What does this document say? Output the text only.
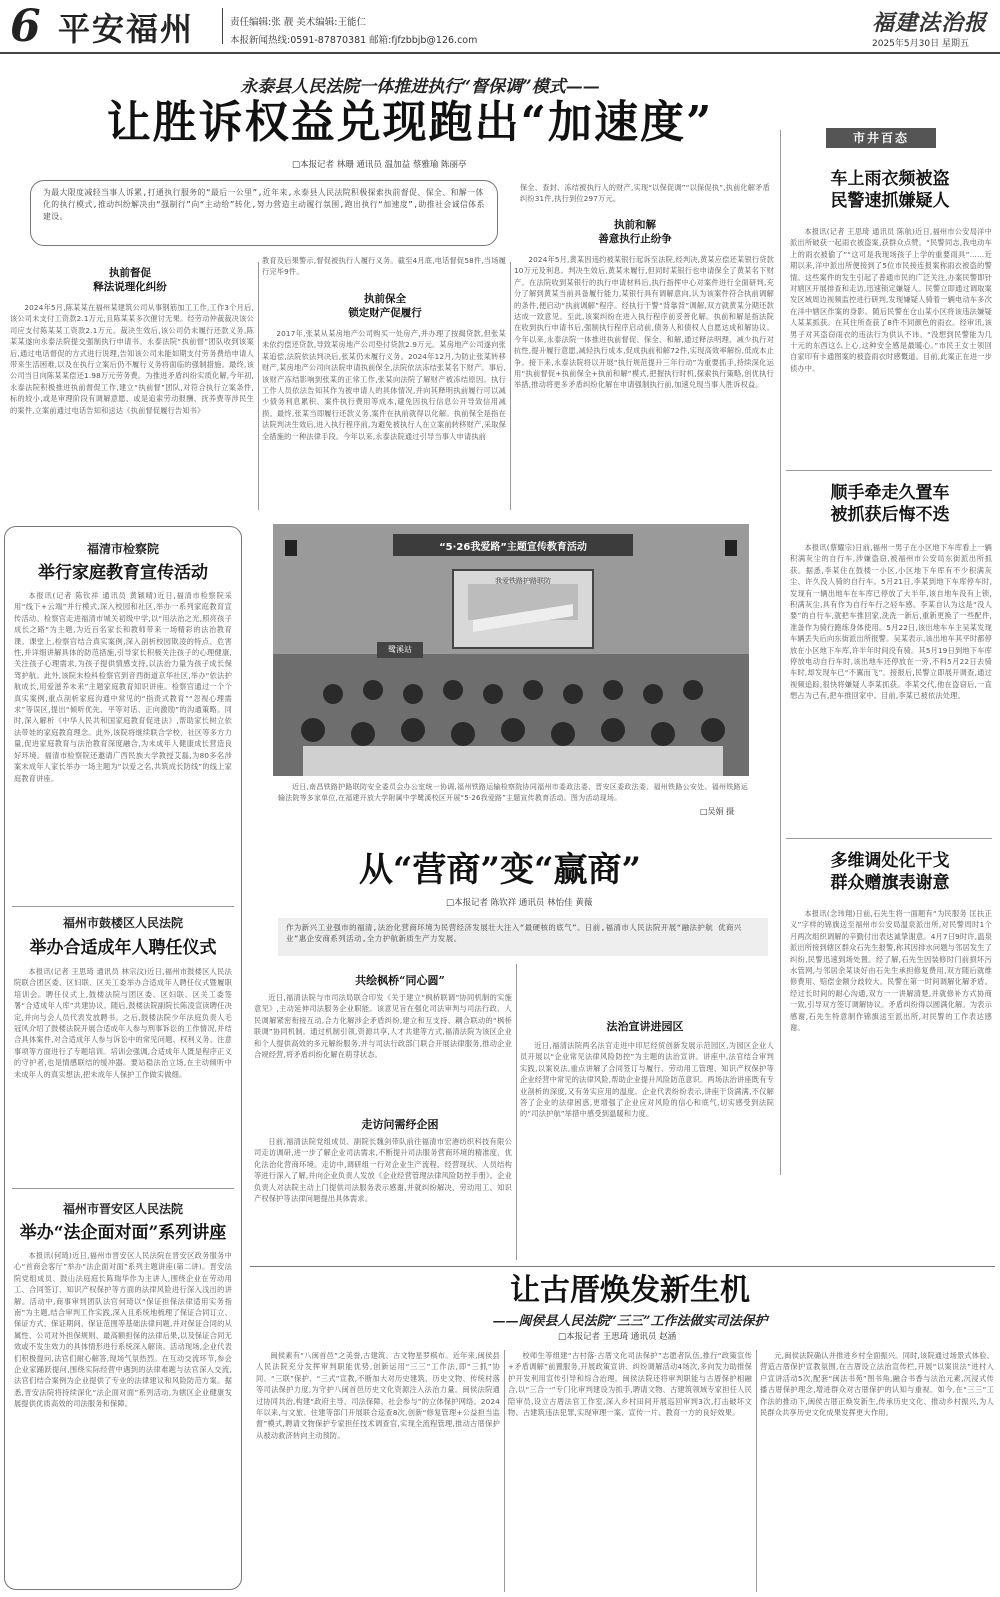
6 平安福州	责任编辑:张 靓 美术编辑:王能仁
本报新闻热线:0591-87870381 邮箱:fjfzbbjb@126.com
福建法治报
2025年5月30日 星期五
永泰县人民法院一体推进执行“督保调”模式——
让胜诉权益兑现跑出“加速度”
□本报记者 林珊 通讯员 温加益 蔡雅瑜 陈丽亭
为最大限度减轻当事人诉累,打通执行服务的“最后一公里”,近年来,永泰县人民法院积极探索执前督促、保全、和解一体化的执行模式,推动纠纷解决由“强制行”向“主动给”转化,努力营造主动履行氛围,跑出执行“加速度”,助推社会诚信体系建设。
保全、查封、冻结被执行人的财产,实现“以保促调”“以保促执”,执前化解矛盾纠纷31件,执行到位297万元。
执前督促
释法说理化纠纷
2024年5月,陈某某在福州某建筑公司从事钢筋加工工作,工作3个月后,该公司未支付工资款2.1万元,且陈某某多次催讨无果。经劳动仲裁裁决该公司应支付陈某某工资款2.1万元。裁决生效后,该公司仍未履行还款义务,陈某某遂向永泰法院提交强制执行申请书。永泰法院“执前督”团队收到该案后,通过电话督促的方式进行说理,告知该公司未能如期支付劳务费给申请人带来生活困难,以及在执行立案后仍不履行义务将面临的强制措施。最终,该公司当日向陈某某偿还1.98万元劳务费。为推进矛盾纠纷实质化解,今年初,永泰法院积极推进执前督促工作,建立“执前督”团队,对符合执行立案条件,标的较小,或是审理阶段有调解意愿、或是追索劳动报酬、抚养费等涉民生的案件,立案前通过电话告知和送达《执前督促履行告知书》
教育及后果警示,督促被执行人履行义务。截至4月底,电话督促58件,当场履行完毕9件。
执前保全
锁定财产促履行
2017年,张某从某房地产公司购买一处房产,并办理了按揭贷款,但张某未依约偿还贷款,导致某房地产公司垫付贷款2.9万元。某房地产公司遂向张某追偿,法院依法判决后,张某仍未履行义务。2024年12月,为防止张某转移财产,某房地产公司向法院申请执前保全,法院依法冻结张某名下财产。事后,该财产冻结影响到张某的正常工作,张某向法院了解财产被冻结原因。执行工作人员依法告知其作为被申请人的具体情况,并向其释明执前履行可以减少债务利息累积、案件执行费用等成本,避免因执行信息公开导致信用减损。最终,张某当即履行还款义务,案件在执前就得以化解。执前保全是指在法院判决生效后,进入执行程序前,为避免被执行人在立案前转移财产,采取保全措施的一种法律手段。今年以来,永泰法院通过引导当事人申请执前
执前和解
善意执行止纷争
2024年5月,黄某因违约被某银行起诉至法院,经判决,黄某应偿还某银行贷款10万元及利息。判决生效后,黄某未履行,但同时某银行也申请保全了黄某名下财产。在法院收到某银行的执行申请材料后,执行指挥中心对案件进行全面研判,充分了解到黄某当前具备履行能力,某银行具有调解意向,认为该案件符合执前调解的条件,便启动“执前调解”程序。经执行干警“背靠背”调解,双方就黄某分期还款达成一致意见。至此,该案纠纷在进入执行程序前妥善化解。执前和解是指法院在收到执行申请书后,强制执行程序启动前,债务人和债权人自愿达成和解协议。今年以来,永泰法院一体推进执前督促、保全、和解,通过释法明理、减少执行对抗性,提升履行意愿,减轻执行成本,促成执前和解72件,实现高效率解纷,低成本止争。接下来,永泰法院将以开展“执行规范提升三年行动”为重要抓手,持续深化运用“执前督促+执前保全+执前和解”模式,把握执行时机,探索执行策略,创优执行举措,推动将更多矛盾纠纷化解在申请强制执行前,加速兑现当事人胜诉权益。
市井百态
车上雨衣频被盗
民警速抓嫌疑人
本报讯(记者 王思琦 通讯员 陈航)近日,福州市公安局洋中派出所破获一起雨衣被盗案,获群众点赞。“民警同志,我电动车上的雨衣被偷了”“这可是我现场孩子上学的重要雨具”……近期以来,洋中派出所便接到了5位市民接连报案称雨衣被盗的警情。这些案件的发生引起了普通市民的广泛关注,办案民警即针对辖区开展排查和走访,迅速锁定嫌疑人。民警立即通过调取案发区域周边视频监控进行研判,发现嫌疑人骑着一辆电动车多次在洋中辖区作案的身影。随后民警在仓山某小区将该违法嫌疑人某某抓获。在其住所查获了8件不同颜色的雨衣。经审讯,该男子对其盗窃雨衣的违法行为供认不讳。“没想到民警能为几十元的东西这么上心,这种安全感是最暖心。”市民王女士领回自家印有卡通图案的被盗雨衣时感慨道。目前,此案正在进一步侦办中。
顺手牵走久置车
被抓获后悔不迭
本报讯(蔡耀宗)日前,福州一男子在小区地下车库看上一辆积满灰尘的自行车,涉嫌盗窃,被福州市公安局东街派出所抓获。据悉,李某住在鼓楼一小区,小区地下车库有不少积满灰尘、许久没人骑的自行车。5月21日,李某到地下车库停车时,发现有一辆出地车在车库已停放了大半年,该自地车没有上锁,积满灰尘,具有作为自行车行之轻车感。李某自认为这是“没人要”的自行车,就把车推回家,洗洗一新后,重新更换了一些配件,准备作为骑行跑练身体使用。5月22日,该出地车车主吴某发现车辆丢失后向东街派出所报警。吴某表示,该出地车其平时都停放在小区地下车库,许半年时间没有骑。其5月19日到地下车库停放电动自行车时,该出地车还停放在一旁,不料5月22日去骑车时,却发现车已“不翼而飞”。接报后,民警立即展开调查,通过视频追踪,很快将嫌疑人李某抓获。李某交代,他在盗窃后,一直想占为己有,把车推回家中。目前,李某已被依法处理。
多维调处化干戈
群众赠旗表谢意
本报讯(念玮翔)日前,石先生将一面题有“为民服务 匡扶正义”字样的锦旗送至福州市公安局温泉派出所,对民警周时1个月两次组织调解的辛勤付出表达诚挚谢意。4月7日9时许,温泉派出所接到辖区群众石先生报警,称其因排水问题与邻居发生了纠纷,民警迅速到场处置。经了解,石先生因装修时门前损坏污水管网,与邻居余某谈好由石先生承担修复费用,双方随后就维修费用、赔偿金额分歧较大。民警在第一时间调解化解矛盾。经过长时间的耐心沟通,双方一一讲解清楚,并就修补方式协商一致,引导双方签订调解协议。矛盾纠纷得以圆满化解。为表示感谢,石先生特意制作锦旗送至派出所,对民警的工作表达感谢。
福清市检察院
举行家庭教育宣传活动
本报讯(记者 陈钦祥 通讯员 黄颖晴)近日,福清市检察院采用“线下+云端”并行模式,深入校园和社区,举办一系列家庭教育宣传活动。检察官走进福清市城关初级中学,以“用法治之光,照亮孩子成长之路”为主题,为近百名家长和教师带来一场精彩的法治教育课。课堂上,检察官结合真实案例,深入剖析校园欺凌的特点、危害性,并详细讲解具体的防范措施,引导家长积极关注孩子的心理健康,关注孩子心理需求,为孩子提供情感支持,以法治力量为孩子成长保驾护航。此外,该院未检科检察官到音西街道京华社区,举办“依法护航成长,用爱滋养未来”主题家庭教育知识讲座。检察官通过一个个真实案例,重点剖析家庭沟通中常见的“指责式教育”“忽视心理需求”等误区,提出“倾听优先、平等对话、正向激励”的沟通策略。同时,深入解析《中华人民共和国家庭教育促进法》,帮助家长树立依法带娃的家庭教育理念。此外,该院将继续联合学校、社区等多方力量,促进家庭教育与法治教育深度融合,为未成年人健康成长营造良好环境。福清市检察院还邀请广西民族大学教授艾磊,为80多名涉案未成年人家长举办一场主题为“以爱之名,共筑成长防线”的线上家庭教育讲座。
福州市鼓楼区人民法院
举办合适成年人聘任仪式
本报讯(记者 王思琦 通讯员 林宗汶)近日,福州市鼓楼区人民法院联合团区委、区妇联、区关工委举办合适成年人聘任仪式暨履职培训会。聘任仪式上,鼓楼法院与团区委、区妇联、区关工委签署“合适成年人库”共建协议。随后,鼓楼法院副院长陈凌宣读聘任决定,并向与会人员代表发放聘书。之后,鼓楼法院少年法庭负责人毛冠风介绍了鼓楼法院开展合适成年人参与刑事诉讼的工作情况,并结合具体案件,对合适成年人参与诉讼中的常见问题、权利义务、注意事项等方面进行了专题培训。培训会强调,合适成年人既是程序正义的守护者,也是情感联结的缓冲器。要站稳法治立场,在主动倾听中未成年人的真实想法,把未成年人保护工作做实做细。
福州市晋安区人民法院
举办“法企面对面”系列讲座
本报讯(何琦)近日,福州市晋安区人民法院在晋安区政务服务中心“首商会客厅”举办“法企面对面”系列主题讲座(第二讲)。晋安法院党组成员、鼓山法庭庭长陈瑞华作为主讲人,围绕企业在劳动用工、合同签订、知识产权保护等方面的法律风险进行深入浅出的讲解。活动中,商事审判团队法官何琦以“保证担保法律适用实务指南”为主题,结合审判工作实践,深入且系统地梳理了保证合同订立、保证方式、保证期间、保证范围等基础法律问题,并对保证合同的从属性、公司对外担保规则、最高额担保的法律后果,以及保证合同无效或不发生效力的具体情形进行系统深入解读。活动现场,企业代表们积极提问,法官们耐心解答,现场气氛热烈。在互动交流环节,参会企业家踊跃提问,围绕实际经营中遇到的法律难题与法官深入交流,法官们结合案例为企业提供了专业的法律建议和风险防范方案。据悉,晋安法院将持续深化“法企面对面”系列活动,为辖区企业健康发展提供优质高效的司法服务和保障。
“5·26我爱路”主题宣传教育活动
我爱铁路护路联防
鹭溪站
近日,南昌铁路护路联防安全委员会办公室统一协调,福州铁路运输检察院协同福州市委政法委、晋安区委政法委、福州铁路公安处、福州铁路运输法院等多家单位,在福建开放大学附属中学鹭溪校区开展“5·26我爱路”主题宣传教育活动。图为活动现场。
□吴娟 摄
从“营商”变“赢商”
□本报记者 陈钦祥 通讯员 林怡佳 黄薇
作为新兴工业强市的福清,法治化营商环境为民营经济发展壮大注入“最硬核的底气”。日前,福清市人民法院开展“融法护航 优商兴业”惠企安商系列活动,全力护航新质生产力发展。
共绘枫桥“同心圆”
近日,福清法院与市司法局联合印发《关于建立“枫桥联调”协同机制的实施意见》,主动延伸司法服务企业职能。该意见旨在强化司法审判与司法行政、人民调解紧密衔接互动,合力化解涉企矛盾纠纷,建立和互支持、耦合联动的“枫桥联调”协同机制。通过机制引领,资源共享,人才共建等方式,福清法院为该区企业和个人提供高效的多元解纷服务,并与司法行政部门联合开展法律服务,推动企业合规经营,将矛盾纠纷化解在萌芽状态。
走访问需纾企困
日前,福清法院党组成员、副院长魏剑带队前往福清市宏港纺织科技有限公司走访调研,进一步了解企业司法需求,不断提升司法服务营商环境的精准度、优化法治化营商环境。走访中,调研组一行对企业生产流程、经营现状、人员结构等进行深入了解,并向企业负责人发放《企业经营管理法律风险防控手册》。企业负责人对法院主动上门提供司法服务表示感谢,并就纠纷解决、劳动用工、知识产权保护等法律问题提出具体需求。
法治宣讲进园区
近日,福清法院两名法官走进中印尼经贸创新发展示范园区,为园区企业人员开展以“企业常见法律风险防控”为主题的法治宣讲。讲座中,法官结合审判实践,以案说法,重点讲解了合同签订与履行、劳动用工管理、知识产权保护等企业经营中常见的法律风险,帮助企业提升风险防范意识。两场法治讲座既有专业剖析的深度,又有务实应用的温度。企业代表纷纷表示,讲座干货满满,不仅解答了企业的法律困惑,更增强了企业应对风险的信心和底气,切实感受到法院的“司法护航”举措中感受到温暖和力度。
让古厝焕发新生机
——闽侯县人民法院“三三”工作法做实司法保护
□本报记者 王思琦 通讯员 赵涵
闽侯素有“八闽首邑”之美誉,古建筑、古文物星罗棋布。近年来,闽侯县人民法院充分发挥审判职能优势,创新运用“三三”工作法,即“三抓”协同、“三联”保护、“三式”宣教,不断加大对历史建筑、历史文物、传统村落等司法保护力度,为守护八闽首邑历史文化资源注入法治力量。闽侯法院通过协同共治,构建“政府主导、司法保障、社会参与”的立体保护网络。2024年以来,与文旅、住建等部门开展联合巡查8次,创新“修复管理+公益担当监督”模式,聘请文物保护专家担任技术调查官,实现全流程管理,推动古厝保护从被动救济转向主动预防。
校师生等组建“古村落·古厝文化司法保护”志愿者队伍,推行“政策宣传+矛盾调解”前置服务,开展政策宣讲、纠纷调解活动4场次,多向发力助推保护开发利用宣传引导和综合治理。闽侯法院还将审判职能与古厝保护相融合,以“三合一”专门化审判建设为抓手,聘请文物、古建筑领域专家担任人民陪审员,设立古厝法官工作室,深入乡村田间开展巡回审判3次,打击破坏文物、古建筑违法犯罪,实现审理一案、宣传一片、教育一方的良好效果。
元,闽侯法院确认并推进乡村全面振兴。同时,该院通过场景式体验、营造古厝保护宣教氛围,在古厝设立法治宣传栏,开展“以案说法”进村入户宣讲活动5次,配套“闽法书苑”图书角,融合书香与法治元素,沉浸式传播古厝保护理念,增进群众对古厝保护的认知与重视。如今,在“三三”工作法的推动下,闽侯古厝正焕发新生,传承历史文化、推动乡村振兴,为人民群众共享历史文化成果发挥更大作用。
